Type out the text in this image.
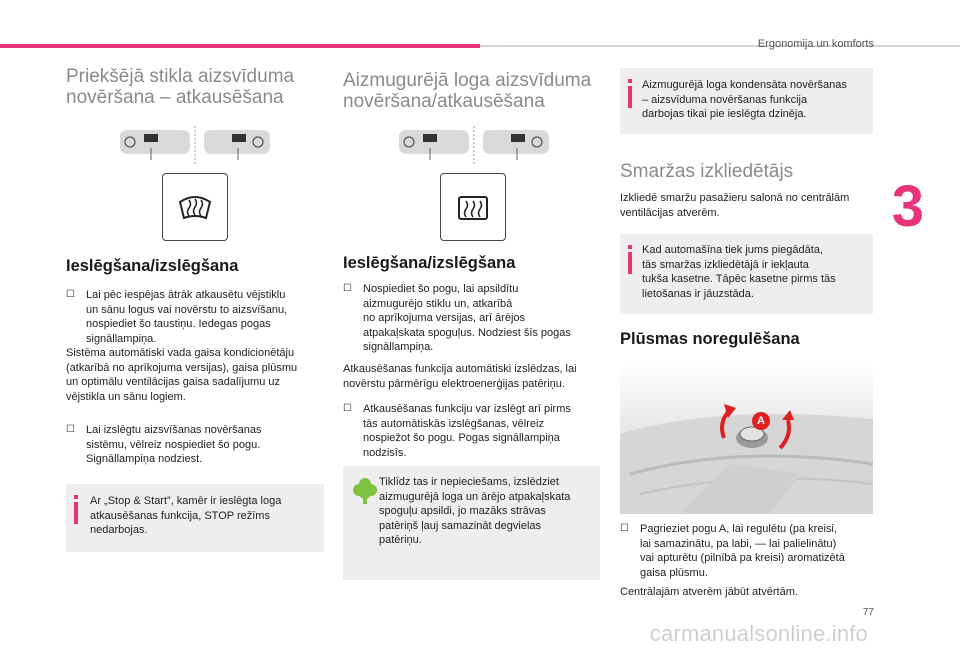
Ergonomija un komforts
3
77
carmanualsonline.info
Priekšējā stikla aizsvīduma
novēršana – atkausēšana
Ieslēgšana/izslēgšana
☐ Lai pēc iespējas ātrāk atkausētu vējstiklu
un sānu logus vai novērstu to aizsvīšanu,
nospiediet šo taustiņu. Iedegas pogas
signāllampiņa.
Sistēma automātiski vada gaisa kondicionētāju
(atkarībā no aprīkojuma versijas), gaisa plūsmu
un optimālu ventilācijas gaisa sadalījumu uz
vējstikla un sānu logiem.
☐ Lai izslēgtu aizsvīšanas novēršanas
sistēmu, vēlreiz nospiediet šo pogu.
Signāllampiņa nodziest.
Ar „Stop & Start”, kamēr ir ieslēgta loga
atkausēšanas funkcija, STOP režīms
nedarbojas.
Aizmugurējā loga aizsvīduma
novēršana/atkausēšana
Ieslēgšana/izslēgšana
☐ Nospiediet šo pogu, lai apsildītu
aizmugurējo stiklu un, atkarībā
no aprīkojuma versijas, arī ārējos
atpakaļskata spoguļus. Nodziest šīs pogas
signāllampiņa.
Atkausēšanas funkcija automātiski izslēdzas, lai
novērstu pārmērīgu elektroenerģijas patēriņu.
☐ Atkausēšanas funkciju var izslēgt arī pirms
tās automātiskās izslēgšanas, vēlreiz
nospiežot šo pogu. Pogas signāllampiņa
nodzisīs.
Tiklīdz tas ir nepieciešams, izslēdziet
aizmugurējā loga un ārējo atpakaļskata
spoguļu apsildi, jo mazāks strāvas
patēriņš ļauj samazināt degvielas
patēriņu.
Aizmugurējā loga kondensāta novēršanas
– aizsvīduma novēršanas funkcija
darbojas tikai pie ieslēgta dzinēja.
Smaržas izkliedētājs
Izkliedē smaržu pasažieru salonā no centrālām
ventilācijas atverēm.
Kad automašīna tiek jums piegādāta,
tās smaržas izkliedētājā ir iekļauta
tukša kasetne. Tāpēc kasetne pirms tās
lietošanas ir jāuzstāda.
Plūsmas noregulēšana
A
☐ Pagrieziet pogu A, lai regulētu (pa kreisi,
lai samazinātu, pa labi, — lai palielinātu)
vai apturētu (pilnībā pa kreisi) aromatizētā
gaisa plūsmu.
Centrālajām atverēm jābūt atvērtām.
